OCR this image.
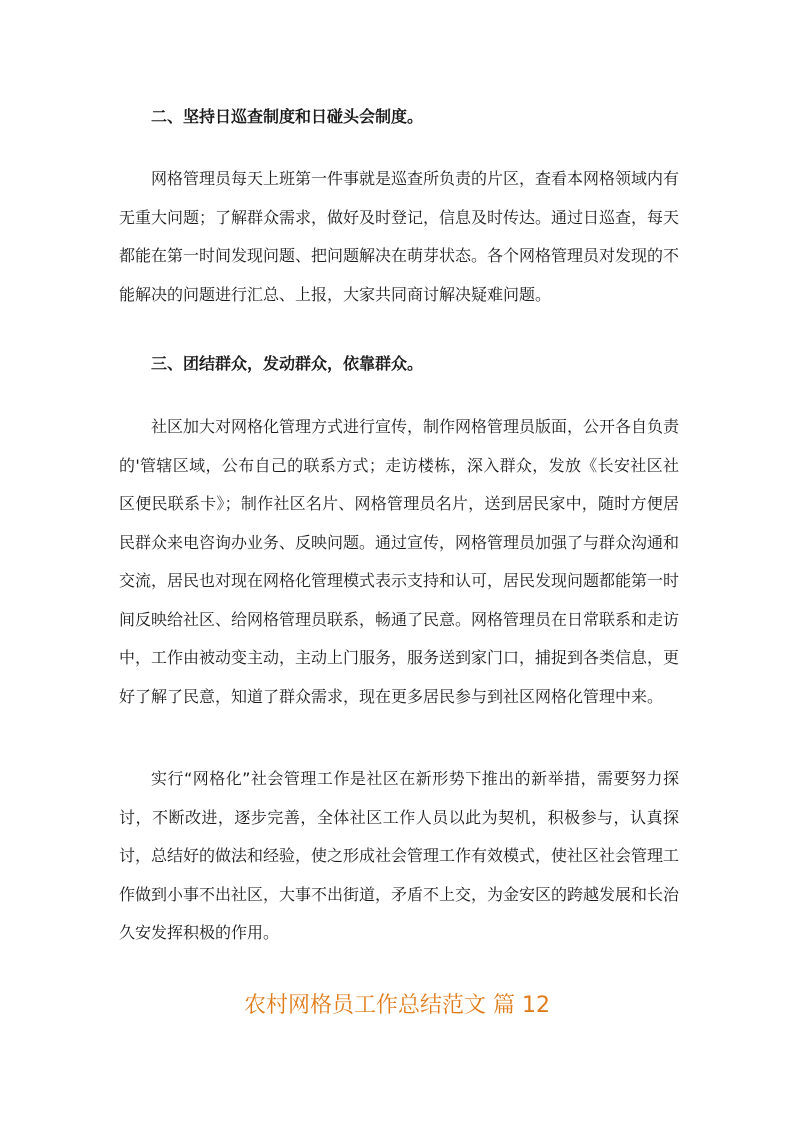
二、坚持日巡查制度和日碰头会制度。
网格管理员每天上班第一件事就是巡查所负责的片区，查看本网格领域内有无重大问题；了解群众需求，做好及时登记，信息及时传达。通过日巡查，每天都能在第一时间发现问题、把问题解决在萌芽状态。各个网格管理员对发现的不能解决的问题进行汇总、上报，大家共同商讨解决疑难问题。
三、团结群众，发动群众，依靠群众。
社区加大对网格化管理方式进行宣传，制作网格管理员版面，公开各自负责的'管辖区域，公布自己的联系方式；走访楼栋，深入群众，发放《长安社区社区便民联系卡》；制作社区名片、网格管理员名片，送到居民家中，随时方便居民群众来电咨询办业务、反映问题。通过宣传，网格管理员加强了与群众沟通和交流，居民也对现在网格化管理模式表示支持和认可，居民发现问题都能第一时间反映给社区、给网格管理员联系，畅通了民意。网格管理员在日常联系和走访中，工作由被动变主动，主动上门服务，服务送到家门口，捕捉到各类信息，更好了解了民意，知道了群众需求，现在更多居民参与到社区网格化管理中来。
实行“网格化”社会管理工作是社区在新形势下推出的新举措，需要努力探讨，不断改进，逐步完善，全体社区工作人员以此为契机，积极参与，认真探讨，总结好的做法和经验，使之形成社会管理工作有效模式，使社区社会管理工作做到小事不出社区，大事不出街道，矛盾不上交，为金安区的跨越发展和长治久安发挥积极的作用。
农村网格员工作总结范文 篇 12
